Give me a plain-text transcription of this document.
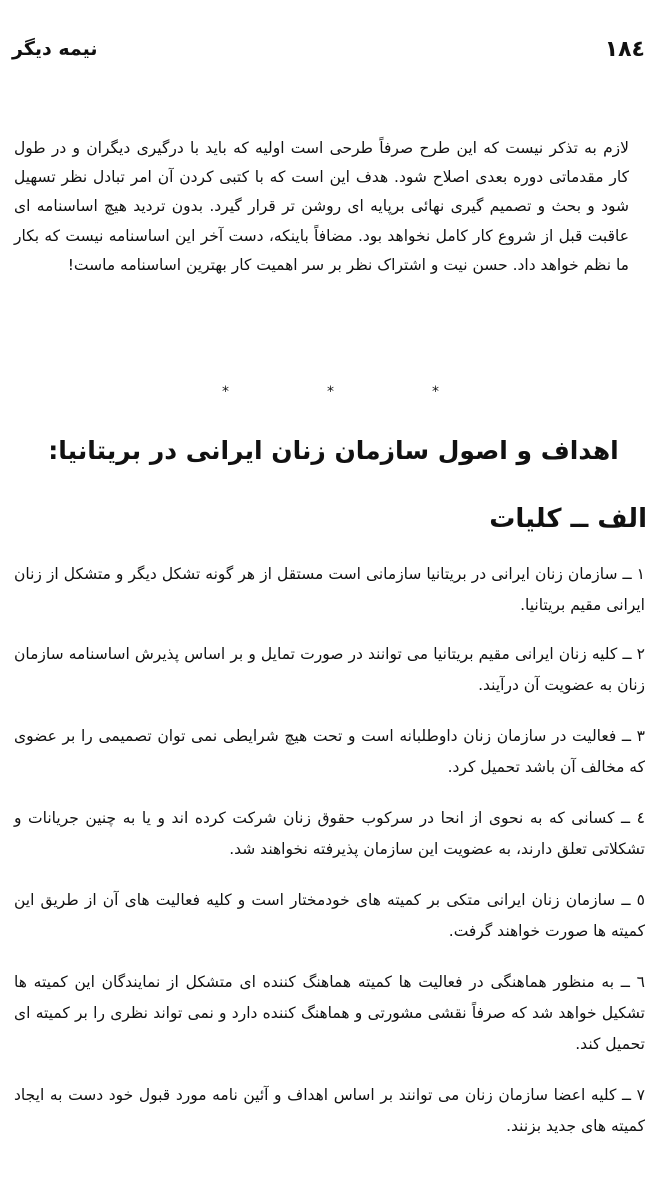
١٨٤
نیمه دیگر

لازم به تذکر نیست که این طرح صرفاً طرحی است اولیه که باید با درگیری دیگران و در طول کار مقدماتی دوره بعدی اصلاح شود. هدف این است که با کتبی کردن آن امر تبادل نظر تسهیل شود و بحث و تصمیم گیری نهائی برپایه ای روشن تر قرار گیرد. بدون تردید هیچ اساسنامه ای عاقبت قبل از شروع کار کامل نخواهد بود. مضافاً باینکه، دست آخر این اساسنامه نیست که بکار ما نظم خواهد داد. حسن نیت و اشتراک نظر بر سر اهمیت کار بهترین اساسنامه ماست!

*	*	*
اهداف و اصول سازمان زنان ایرانی در بریتانیا:
الف ــ کلیات
١ ــ سازمان زنان ایرانی در بریتانیا سازمانی است مستقل از هر گونه تشکل دیگر و متشکل از زنان ایرانی مقیم بریتانیا.
٢ ــ کلیه زنان ایرانی مقیم بریتانیا می توانند در صورت تمایل و بر اساس پذیرش اساسنامه سازمان زنان به عضویت آن درآیند.
٣ ــ فعالیت در سازمان زنان داوطلبانه است و تحت هیچ شرایطی نمی توان تصمیمی را بر عضوی که مخالف آن باشد تحمیل کرد.
٤ ــ کسانی که به نحوی از انحا در سرکوب حقوق زنان شرکت کرده اند و یا به چنین جریانات و تشکلاتی تعلق دارند، به عضویت این سازمان پذیرفته نخواهند شد.
٥ ــ سازمان زنان ایرانی متکی بر کمیته های خودمختار است و کلیه فعالیت های آن از طریق این کمیته ها صورت خواهند گرفت.
٦ ــ به منظور هماهنگی در فعالیت ها کمیته هماهنگ کننده ای متشکل از نمایندگان این کمیته ها تشکیل خواهد شد که صرفاً نقشی مشورتی و هماهنگ کننده دارد و نمی تواند نظری را بر کمیته ای تحمیل کند.
٧ ــ کلیه اعضا سازمان زنان می توانند بر اساس اهداف و آئین نامه مورد قبول خود دست به ایجاد کمیته های جدید بزنند.
